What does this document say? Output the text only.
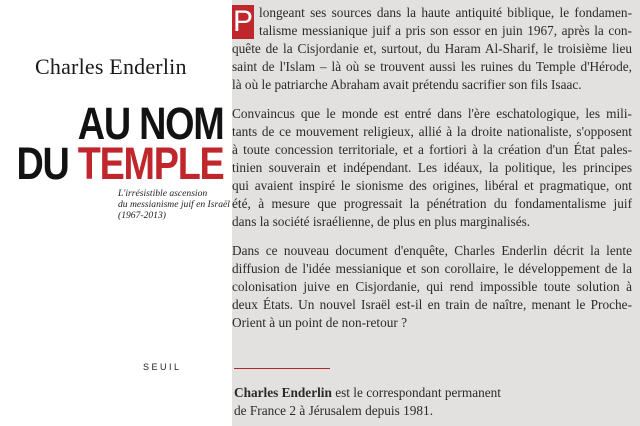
Charles Enderlin
AU NOM
DU TEMPLE
L'irrésistible ascension
du messianisme juif en Israël
(1967-2013)
SEUIL
P longeant ses sources dans la haute antiquité biblique, le fondamen-
talisme messianique juif a pris son essor en juin 1967, après la con-
quête de la Cisjordanie et, surtout, du Haram Al-Sharif, le troisième lieu
saint de l'Islam – là où se trouvent aussi les ruines du Temple d'Hérode,
là où le patriarche Abraham avait prétendu sacrifier son fils Isaac.
Convaincus que le monde est entré dans l'ère eschatologique, les mili-
tants de ce mouvement religieux, allié à la droite nationaliste, s'opposent
à toute concession territoriale, et a fortiori à la création d'un État pales-
tinien souverain et indépendant. Les idéaux, la politique, les principes
qui avaient inspiré le sionisme des origines, libéral et pragmatique, ont
été, à mesure que progressait la pénétration du fondamentalisme juif
dans la société israélienne, de plus en plus marginalisés.
Dans ce nouveau document d'enquête, Charles Enderlin décrit la lente
diffusion de l'idée messianique et son corollaire, le développement de la
colonisation juive en Cisjordanie, qui rend impossible toute solution à
deux États. Un nouvel Israël est-il en train de naître, menant le Proche-
Orient à un point de non-retour ?
Charles Enderlin est le correspondant permanent
de France 2 à Jérusalem depuis 1981.
